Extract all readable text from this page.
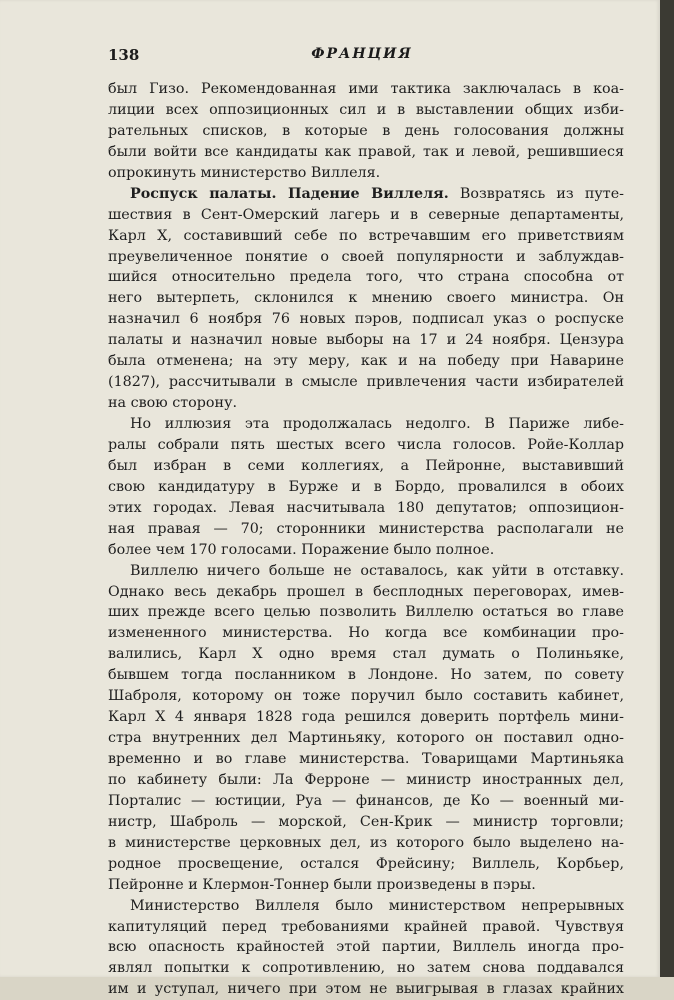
138	ФРАНЦИЯ
был Гизо. Рекомендованная ими тактика заключалась в коа-
лиции всех оппозиционных сил и в выставлении общих изби-
рательных списков, в которые в день голосования должны
были войти все кандидаты как правой, так и левой, решившиеся
опрокинуть министерство Виллеля.
Роспуск палаты. Падение Виллеля. Возвратясь из путе-
шествия в Сент-Омерский лагерь и в северные департаменты,
Карл X, составивший себе по встречавшим его приветствиям
преувеличенное понятие о своей популярности и заблуждав-
шийся относительно предела того, что страна способна от
него вытерпеть, склонился к мнению своего министра. Он
назначил 6 ноября 76 новых пэров, подписал указ о роспуске
палаты и назначил новые выборы на 17 и 24 ноября. Цензура
была отменена; на эту меру, как и на победу при Наварине
(1827), рассчитывали в смысле привлечения части избирателей
на свою сторону.
Но иллюзия эта продолжалась недолго. В Париже либе-
ралы собрали пять шестых всего числа голосов. Ройе-Коллар
был избран в семи коллегиях, а Пейронне, выставивший
свою кандидатуру в Бурже и в Бордо, провалился в обоих
этих городах. Левая насчитывала 180 депутатов; оппозицион-
ная правая — 70; сторонники министерства располагали не
более чем 170 голосами. Поражение было полное.
Виллелю ничего больше не оставалось, как уйти в отставку.
Однако весь декабрь прошел в бесплодных переговорах, имев-
ших прежде всего целью позволить Виллелю остаться во главе
измененного министерства. Но когда все комбинации про-
валились, Карл X одно время стал думать о Полиньяке,
бывшем тогда посланником в Лондоне. Но затем, по совету
Шаброля, которому он тоже поручил было составить кабинет,
Карл X 4 января 1828 года решился доверить портфель мини-
стра внутренних дел Мартиньяку, которого он поставил одно-
временно и во главе министерства. Товарищами Мартиньяка
по кабинету были: Ла Ферроне — министр иностранных дел,
Порталис — юстиции, Руа — финансов, де Ко — военный ми-
нистр, Шаброль — морской, Сен-Крик — министр торговли;
в министерстве церковных дел, из которого было выделено на-
родное просвещение, остался Фрейсину; Виллель, Корбьер,
Пейронне и Клермон-Тоннер были произведены в пэры.
Министерство Виллеля было министерством непрерывных
капитуляций перед требованиями крайней правой. Чувствуя
всю опасность крайностей этой партии, Виллель иногда про-
являл попытки к сопротивлению, но затем снова поддавался
им и уступал, ничего при этом не выигрывая в глазах крайних
